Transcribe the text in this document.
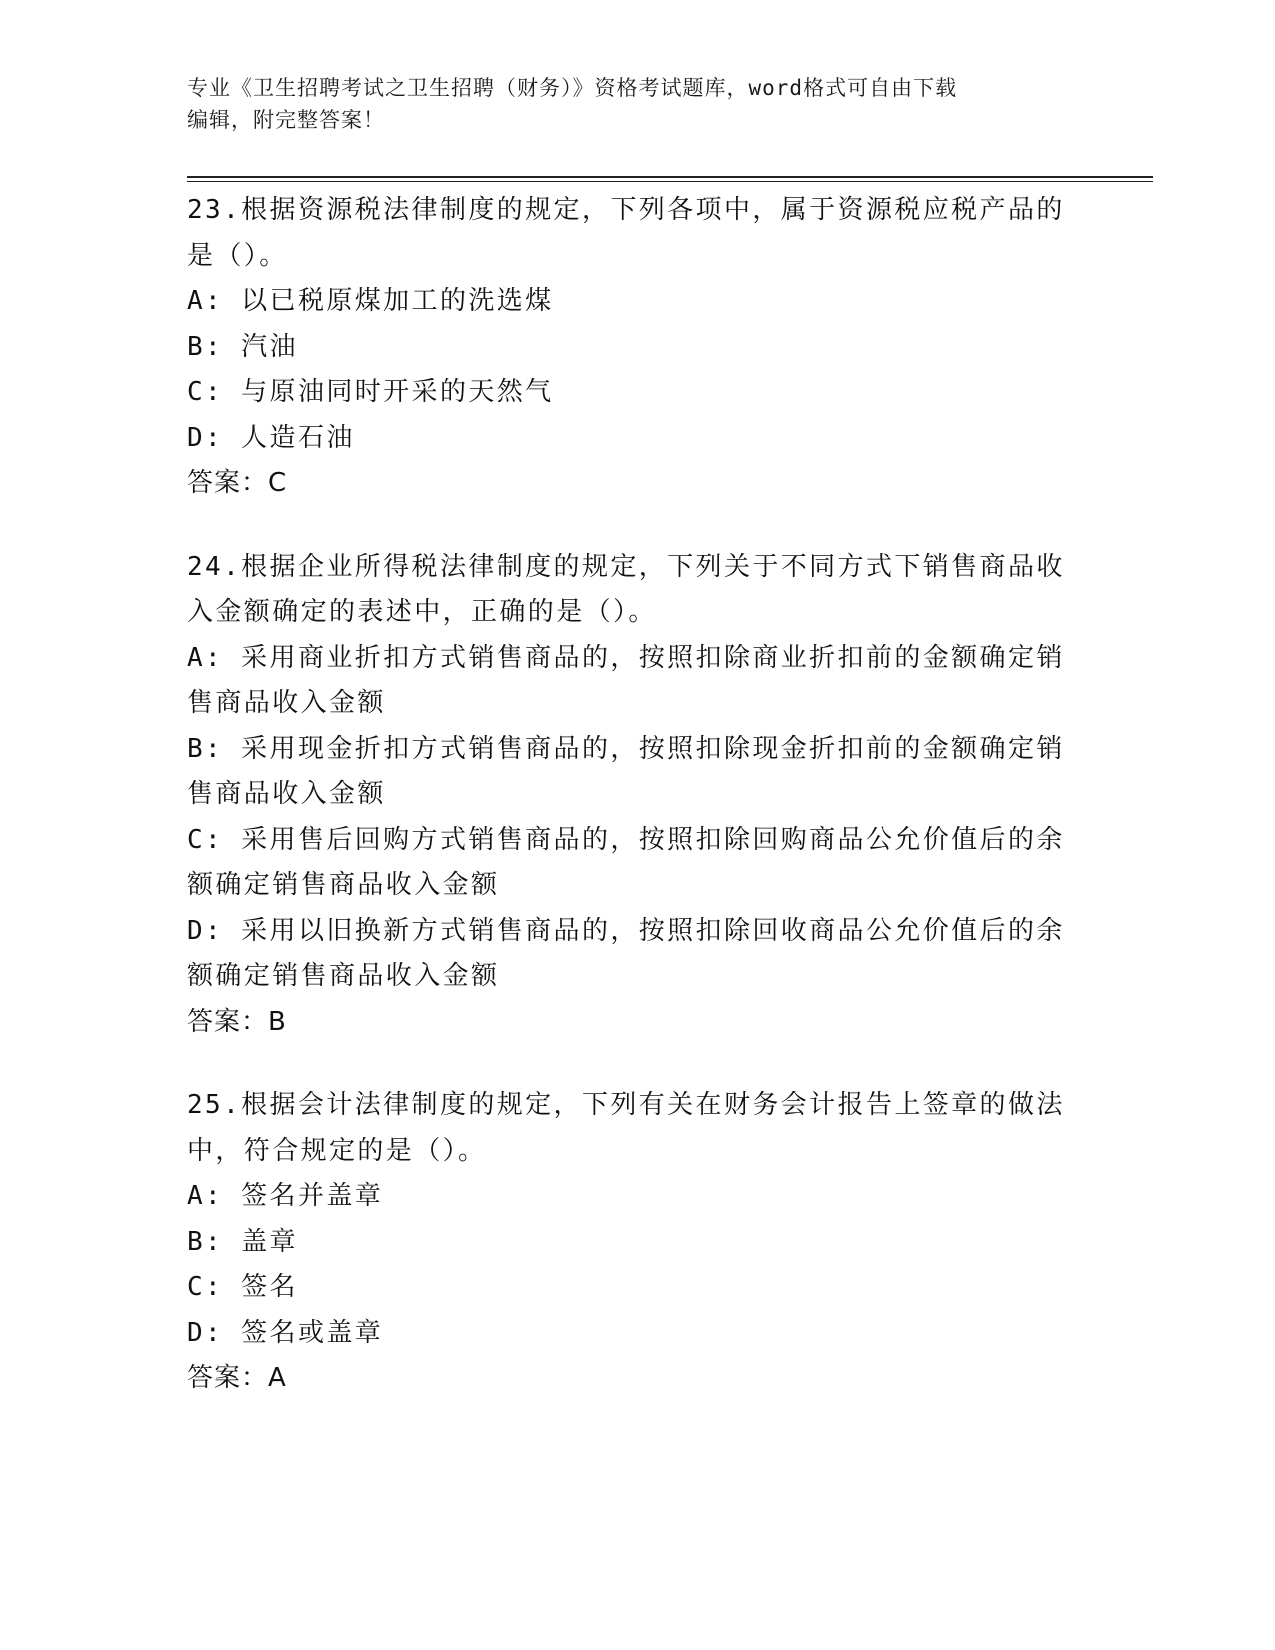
专业《卫生招聘考试之卫生招聘（财务）》资格考试题库，word格式可自由下载
编辑，附完整答案！
23.根据资源税法律制度的规定，下列各项中，属于资源税应税产品的
是（）。
A: 以已税原煤加工的洗选煤
B: 汽油
C: 与原油同时开采的天然气
D: 人造石油
答案：C
24.根据企业所得税法律制度的规定，下列关于不同方式下销售商品收
入金额确定的表述中，正确的是（）。
A: 采用商业折扣方式销售商品的，按照扣除商业折扣前的金额确定销
售商品收入金额
B: 采用现金折扣方式销售商品的，按照扣除现金折扣前的金额确定销
售商品收入金额
C: 采用售后回购方式销售商品的，按照扣除回购商品公允价值后的余
额确定销售商品收入金额
D: 采用以旧换新方式销售商品的，按照扣除回收商品公允价值后的余
额确定销售商品收入金额
答案：B
25.根据会计法律制度的规定，下列有关在财务会计报告上签章的做法
中，符合规定的是（）。
A: 签名并盖章
B: 盖章
C: 签名
D: 签名或盖章
答案：A
